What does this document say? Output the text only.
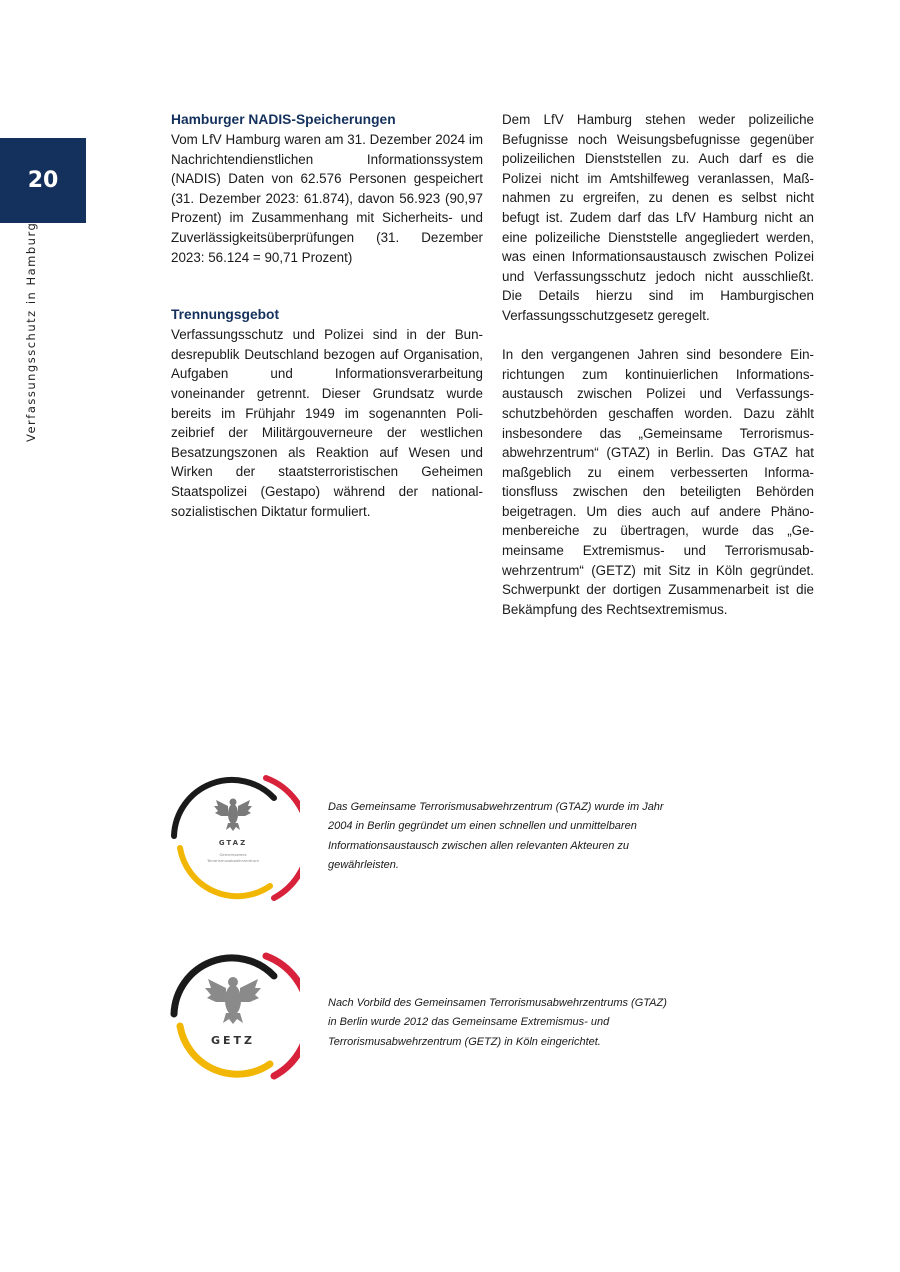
20
Verfassungsschutz in Hamburg
Hamburger NADIS-Speicherungen

Vom LfV Hamburg waren am 31. Dezember 2024 im Nachrichtendienstlichen Informationssystem (NADIS) Daten von 62.576 Personen gespeichert (31. Dezember 2023: 61.874), davon 56.923 (90,97 Prozent) im Zusammenhang mit Sicherheits- und Zuverlässigkeitsüberprüfungen (31. Dezember 2023: 56.124 = 90,71 Prozent)

Trennungsgebot

Verfassungsschutz und Polizei sind in der Bundesrepublik Deutschland bezogen auf Organisation, Aufgaben und Informationsverarbeitung voneinander getrennt. Dieser Grundsatz wurde bereits im Frühjahr 1949 im sogenannten Polizeibrief der Militärgouverneure der westlichen Besatzungszonen als Reaktion auf Wesen und Wirken der staatsterroristischen Geheimen Staatspolizei (Gestapo) während der nationalsozialistischen Diktatur formuliert.

Dem LfV Hamburg stehen weder polizeiliche Befugnisse noch Weisungsbefugnisse gegenüber polizeilichen Dienststellen zu. Auch darf es die Polizei nicht im Amtshilfeweg veranlassen, Maßnahmen zu ergreifen, zu denen es selbst nicht befugt ist. Zudem darf das LfV Hamburg nicht an eine polizeiliche Dienststelle angegliedert werden, was einen Informationsaustausch zwischen Polizei und Verfassungsschutz jedoch nicht ausschließt. Die Details hierzu sind im Hamburgischen Verfassungsschutzgesetz geregelt.

In den vergangenen Jahren sind besondere Einrichtungen zum kontinuierlichen Informationsaustausch zwischen Polizei und Verfassungsschutzbehörden geschaffen worden. Dazu zählt insbesondere das „Gemeinsame Terrorismusabwehrzentrum“ (GTAZ) in Berlin. Das GTAZ hat maßgeblich zu einem verbesserten Informationsfluss zwischen den beteiligten Behörden beigetragen. Um dies auch auf andere Phänomenbereiche zu übertragen, wurde das „Gemeinsame Extremismus- und Terrorismusabwehrzentrum“ (GETZ) mit Sitz in Köln gegründet. Schwerpunkt der dortigen Zusammenarbeit ist die Bekämpfung des Rechtsextremismus.

GTAZ
Gemeinsames
Terrorismusabwehrzentrum
Das Gemeinsame Terrorismusabwehrzentrum (GTAZ) wurde im Jahr 2004 in Berlin gegründet um einen schnellen und unmittelbaren Informationsaustausch zwischen allen relevanten Akteuren zu gewährleisten.
GETZ
Nach Vorbild des Gemeinsamen Terrorismusabwehrzentrums (GTAZ) in Berlin wurde 2012 das Gemeinsame Extremismus- und Terrorismusabwehrzentrum (GETZ) in Köln eingerichtet.
